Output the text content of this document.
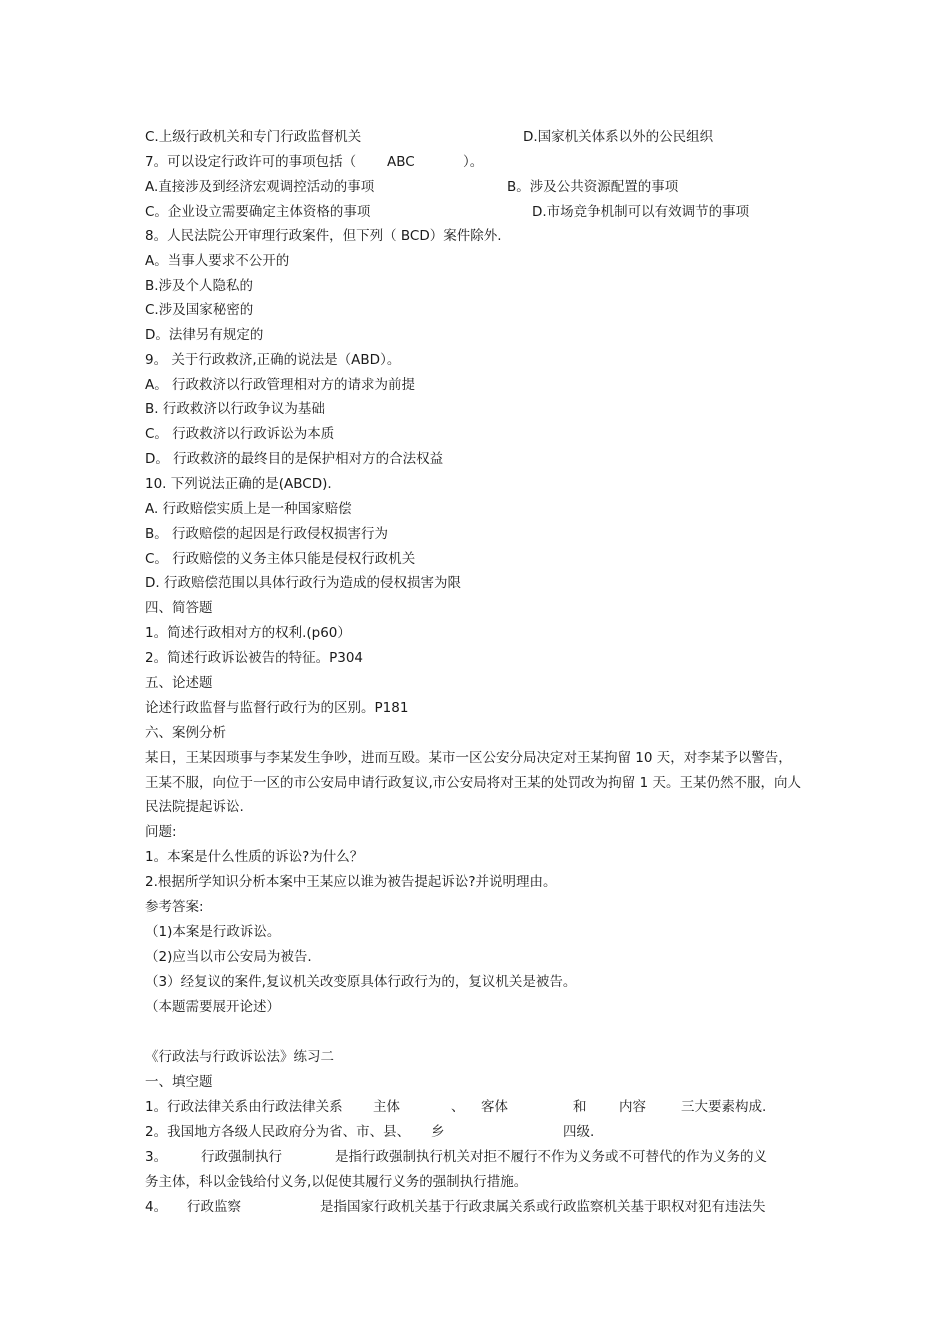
C.上级行政机关和专门行政监督机关	D.国家机关体系以外的公民组织
7。可以设定行政许可的事项包括（ ABC	）。
A.直接涉及到经济宏观调控活动的事项	B。涉及公共资源配置的事项
C。企业设立需要确定主体资格的事项	D.市场竞争机制可以有效调节的事项
8。人民法院公开审理行政案件，但下列（ BCD）案件除外.
A。当事人要求不公开的
B.涉及个人隐私的
C.涉及国家秘密的
D。法律另有规定的
9。 关于行政救济,正确的说法是（ABD）。
A。 行政救济以行政管理相对方的请求为前提
B. 行政救济以行政争议为基础
C。 行政救济以行政诉讼为本质
D。 行政救济的最终目的是保护相对方的合法权益
10. 下列说法正确的是(ABCD).
A. 行政赔偿实质上是一种国家赔偿
B。 行政赔偿的起因是行政侵权损害行为
C。 行政赔偿的义务主体只能是侵权行政机关
D. 行政赔偿范围以具体行政行为造成的侵权损害为限
四、简答题
1。简述行政相对方的权利.(p60）
2。简述行政诉讼被告的特征。P304
五、论述题
论述行政监督与监督行政行为的区别。P181
六、案例分析
某日，王某因琐事与李某发生争吵，进而互殴。某市一区公安分局决定对王某拘留 10 天，对李某予以警告，王某不服，向位于一区的市公安局申请行政复议,市公安局将对王某的处罚改为拘留 1 天。王某仍然不服，向人民法院提起诉讼.
问题:
1。本案是什么性质的诉讼?为什么？
2.根据所学知识分析本案中王某应以谁为被告提起诉讼?并说明理由。
参考答案:
（1)本案是行政诉讼。
（2)应当以市公安局为被告.
（3）经复议的案件,复议机关改变原具体行政行为的，复议机关是被告。
（本题需要展开论述）
《行政法与行政诉讼法》练习二
一、填空题
1。行政法律关系由行政法律关系 主体	、 客体	和 内容	三大要素构成.
2。我国地方各级人民政府分为省、市、县、 乡	四级.
3。	行政强制执行	是指行政强制执行机关对拒不履行不作为义务或不可替代的作为义务的义
务主体，科以金钱给付义务,以促使其履行义务的强制执行措施。
4。 行政监察	是指国家行政机关基于行政隶属关系或行政监察机关基于职权对犯有违法失
